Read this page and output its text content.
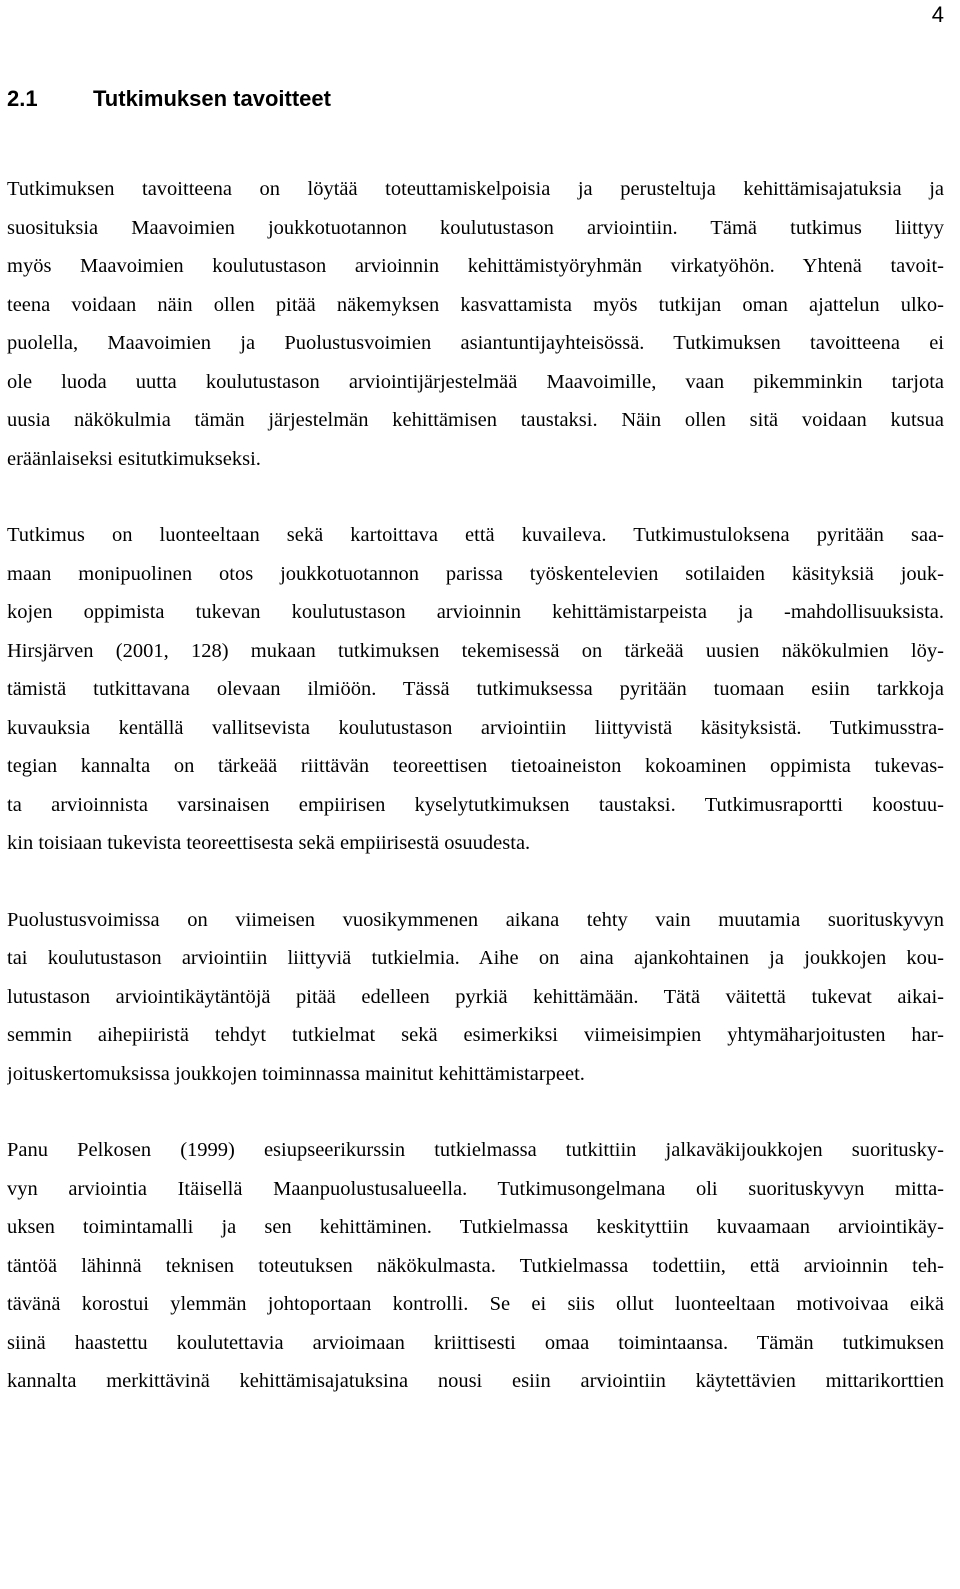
4
2.1	Tutkimuksen tavoitteet

Tutkimuksen tavoitteena on löytää toteuttamiskelpoisia ja perusteltuja kehittämisajatuksia ja
suosituksia Maavoimien joukkotuotannon koulutustason arviointiin. Tämä tutkimus liittyy
myös Maavoimien koulutustason arvioinnin kehittämistyöryhmän virkatyöhön. Yhtenä tavoit-
teena voidaan näin ollen pitää näkemyksen kasvattamista myös tutkijan oman ajattelun ulko-
puolella, Maavoimien ja Puolustusvoimien asiantuntijayhteisössä. Tutkimuksen tavoitteena ei
ole luoda uutta koulutustason arviointijärjestelmää Maavoimille, vaan pikemminkin tarjota
uusia näkökulmia tämän järjestelmän kehittämisen taustaksi. Näin ollen sitä voidaan kutsua
eräänlaiseksi esitutkimukseksi.

Tutkimus on luonteeltaan sekä kartoittava että kuvaileva. Tutkimustuloksena pyritään saa-
maan monipuolinen otos joukkotuotannon parissa työskentelevien sotilaiden käsityksiä jouk-
kojen oppimista tukevan koulutustason arvioinnin kehittämistarpeista ja -mahdollisuuksista.
Hirsjärven (2001, 128) mukaan tutkimuksen tekemisessä on tärkeää uusien näkökulmien löy-
tämistä tutkittavana olevaan ilmiöön. Tässä tutkimuksessa pyritään tuomaan esiin tarkkoja
kuvauksia kentällä vallitsevista koulutustason arviointiin liittyvistä käsityksistä. Tutkimusstra-
tegian kannalta on tärkeää riittävän teoreettisen tietoaineiston kokoaminen oppimista tukevas-
ta arvioinnista varsinaisen empiirisen kyselytutkimuksen taustaksi. Tutkimusraportti koostuu-
kin toisiaan tukevista teoreettisesta sekä empiirisestä osuudesta.

Puolustusvoimissa on viimeisen vuosikymmenen aikana tehty vain muutamia suorituskyvyn
tai koulutustason arviointiin liittyviä tutkielmia. Aihe on aina ajankohtainen ja joukkojen kou-
lutustason arviointikäytäntöjä pitää edelleen pyrkiä kehittämään. Tätä väitettä tukevat aikai-
semmin aihepiiristä tehdyt tutkielmat sekä esimerkiksi viimeisimpien yhtymäharjoitusten har-
joituskertomuksissa joukkojen toiminnassa mainitut kehittämistarpeet.

Panu Pelkosen (1999) esiupseerikurssin tutkielmassa tutkittiin jalkaväkijoukkojen suoritusky-
vyn arviointia Itäisellä Maanpuolustusalueella. Tutkimusongelmana oli suorituskyvyn mitta-
uksen toimintamalli ja sen kehittäminen. Tutkielmassa keskityttiin kuvaamaan arviointikäy-
täntöä lähinnä teknisen toteutuksen näkökulmasta. Tutkielmassa todettiin, että arvioinnin teh-
tävänä korostui ylemmän johtoportaan kontrolli. Se ei siis ollut luonteeltaan motivoivaa eikä
siinä haastettu koulutettavia arvioimaan kriittisesti omaa toimintaansa. Tämän tutkimuksen
kannalta merkittävinä kehittämisajatuksina nousi esiin arviointiin käytettävien mittarikorttien
